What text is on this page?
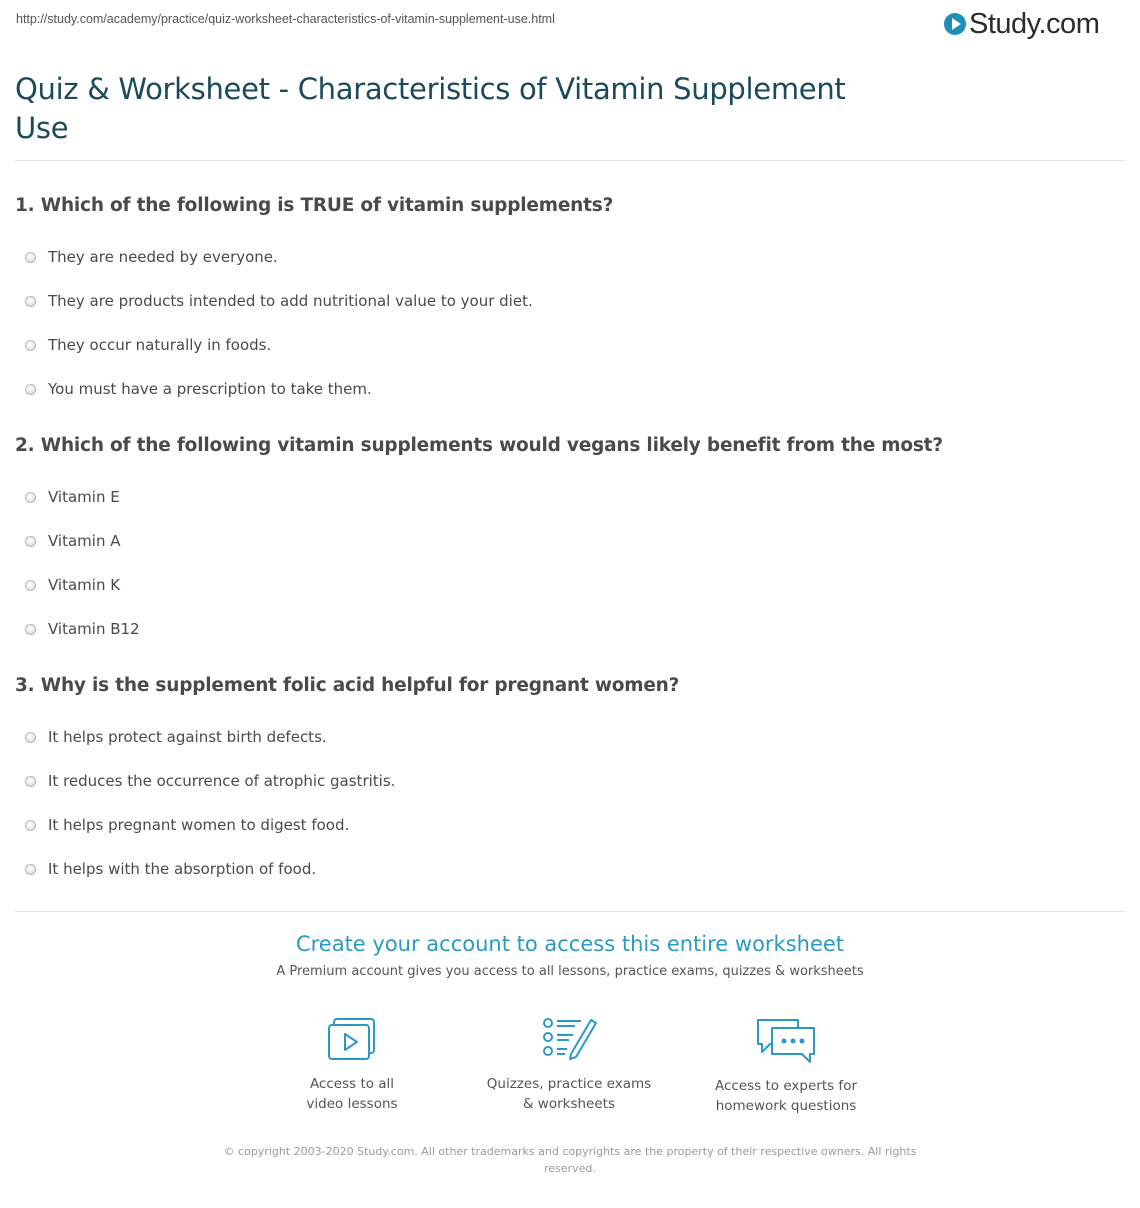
http://study.com/academy/practice/quiz-worksheet-characteristics-of-vitamin-supplement-use.html	Study.com
Quiz & Worksheet - Characteristics of Vitamin Supplement Use

1. Which of the following is TRUE of vitamin supplements?

They are needed by everyone.
They are products intended to add nutritional value to your diet.
They occur naturally in foods.
You must have a prescription to take them.

2. Which of the following vitamin supplements would vegans likely benefit from the most?

Vitamin E
Vitamin A
Vitamin K
Vitamin B12

3. Why is the supplement folic acid helpful for pregnant women?

It helps protect against birth defects.
It reduces the occurrence of atrophic gastritis.
It helps pregnant women to digest food.
It helps with the absorption of food.
Create your account to access this entire worksheet
A Premium account gives you access to all lessons, practice exams, quizzes & worksheets
Access to all
video lessons
Quizzes, practice exams
& worksheets
Access to experts for
homework questions
© copyright 2003-2020 Study.com. All other trademarks and copyrights are the property of their respective owners. All rights reserved.
